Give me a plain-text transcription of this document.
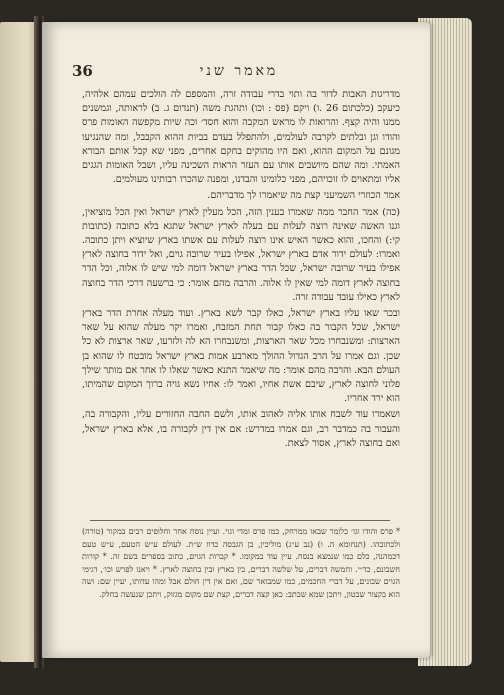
36	מאמר שני

מדריגות האבות לדור בה ותוי בדרי עבודה זרה, והמספם לה הולכים עמהם אלהיה, כיעקב (כלכתום 26 .ו) ויקם (פס : וכו) ותהגת משה (תנדום ג. ב) לראותה, וגמשנים ממנו והיה קצף. והרואות לו מראש המקבה והוא חסד׳ וכה שיות מקפשה האומות פרס והודו וגן ובלתים לקרבה לעולמים, ולהתפלל בעדם בביות ההוא הקבבל, ומה שהנגיעו מגונם על המקום ההוא, ואם היו מהוקים בחקם אחרים, מפני שא קבל אותם הבורא האמתי. ומה שהם מיושבים אותו עם העזר הראות השכינה עליו, ושבל האומות הגגים אליו ומתאוים לו זוכויהם, מפני כלומינו והבדנו, ומפנה שהכרו רבותינו מעולמים.

אמר הכוזרי השמיעני קצת מה שיאמרו לך מדבריהם.

(כה) אמר החבר ממה שאמרו בענין הזה, הכל מעלין לארץ ישראל ואין הכל מוציאין, וגנו האשה שאינה רוצה לעלות עם בעלה לארץ ישראל שתגא בלא כתובה (כתובות קי:) והחכו, והוא כאשר האיש אינו רוצה לעלות עם אשתו בארץ שיוציא ויתן כתובה. ואמרו: לעולם ידור אדם בארץ ישראל, אפילו בעיר שרובה גוים, ואל ידור בחוצה לארץ אפילו בעיר שרובה ישראל, שכל הדר בארץ ישראל דומה למי שיש לו אלוה, וכל הדר בחוצה לארץ דומה למי שאין לו אלוה. והרבה מהם אומר: כי ברשעה דרכי הדר בחוצה לארץ כאילו עובד עבודה זרה.

ובכר שאו עליו בארץ ישראל, כאלו קבר לשא בארץ. ועוד מעלה אחרת הדר בארץ ישראל, שכל הקבור בה כאלו קבור תחת המזבח, ואמרו יקר מעלה שהוא על שאר הארצות: ומשנבחרו מכל שאר הארצות, ומשנבחרו הא לה ולזרעו, שאר ארצות לא כל שכן. וגם אמרו על הרב הגדול ההולך מארבע אמות בארץ ישראל מובטח לו שהוא בן העולם הבא. והרבה מהם אומר: מה שיאמר התנא כאשר שאלו לו אחר אם מותר שילך פלוני לחוצה לארץ, שיבם אשת אחיו, ואמר לו: אחיו נשא גויה ברוך המקום שהמיתו, הוא ירד אחריו.

ושאמרו עוד לשבח אותו אליה לאהוב אותו, ולשם החבה החזורים עליו, והקבורה בה, והעבור בה כמדבר רב, וגם אמרו במדרש: אם אין דין לקבורה בו, אלא בארץ ישראל, ואם בחוצה לארץ, אסור לצאת.

* פרס והודו וגו׳ כלומר שבאו ממרחק, כמו פרס ומדי וגוי. ועיין נוסח אחר וחלופים רבים במקור (טורה) ולכתובהו. (תנחומא ה. ו) (נב ע״ג) מוליכין, בן הגבסה כדוו ש״ת. לעולם ע״ש הטעם, ע״ש טעם דכמהנה, כלם כמו שנמצא בנסח. עיין עוד במקומו. * קברות הגוים, כתוב בספרים בשם זה. * קורות חשבונם, כד״י. וחמשה דברים, על שלשה דברים, בין בארץ ובין בחוצה לארץ. * ויאנו לפרש וכו׳, דגימי הגוים שבונים, על דברי החכמים, כמו שמבואר שם, ואם אין דין חולם אבל ומהו עדותו, יעיין שם: ושה הוא בקצור שבטון, ויתכן שמא שכתב: כאן קצה דברים, קצת שם מקום מגזוק, ויתכן שנעשה בחלק.
